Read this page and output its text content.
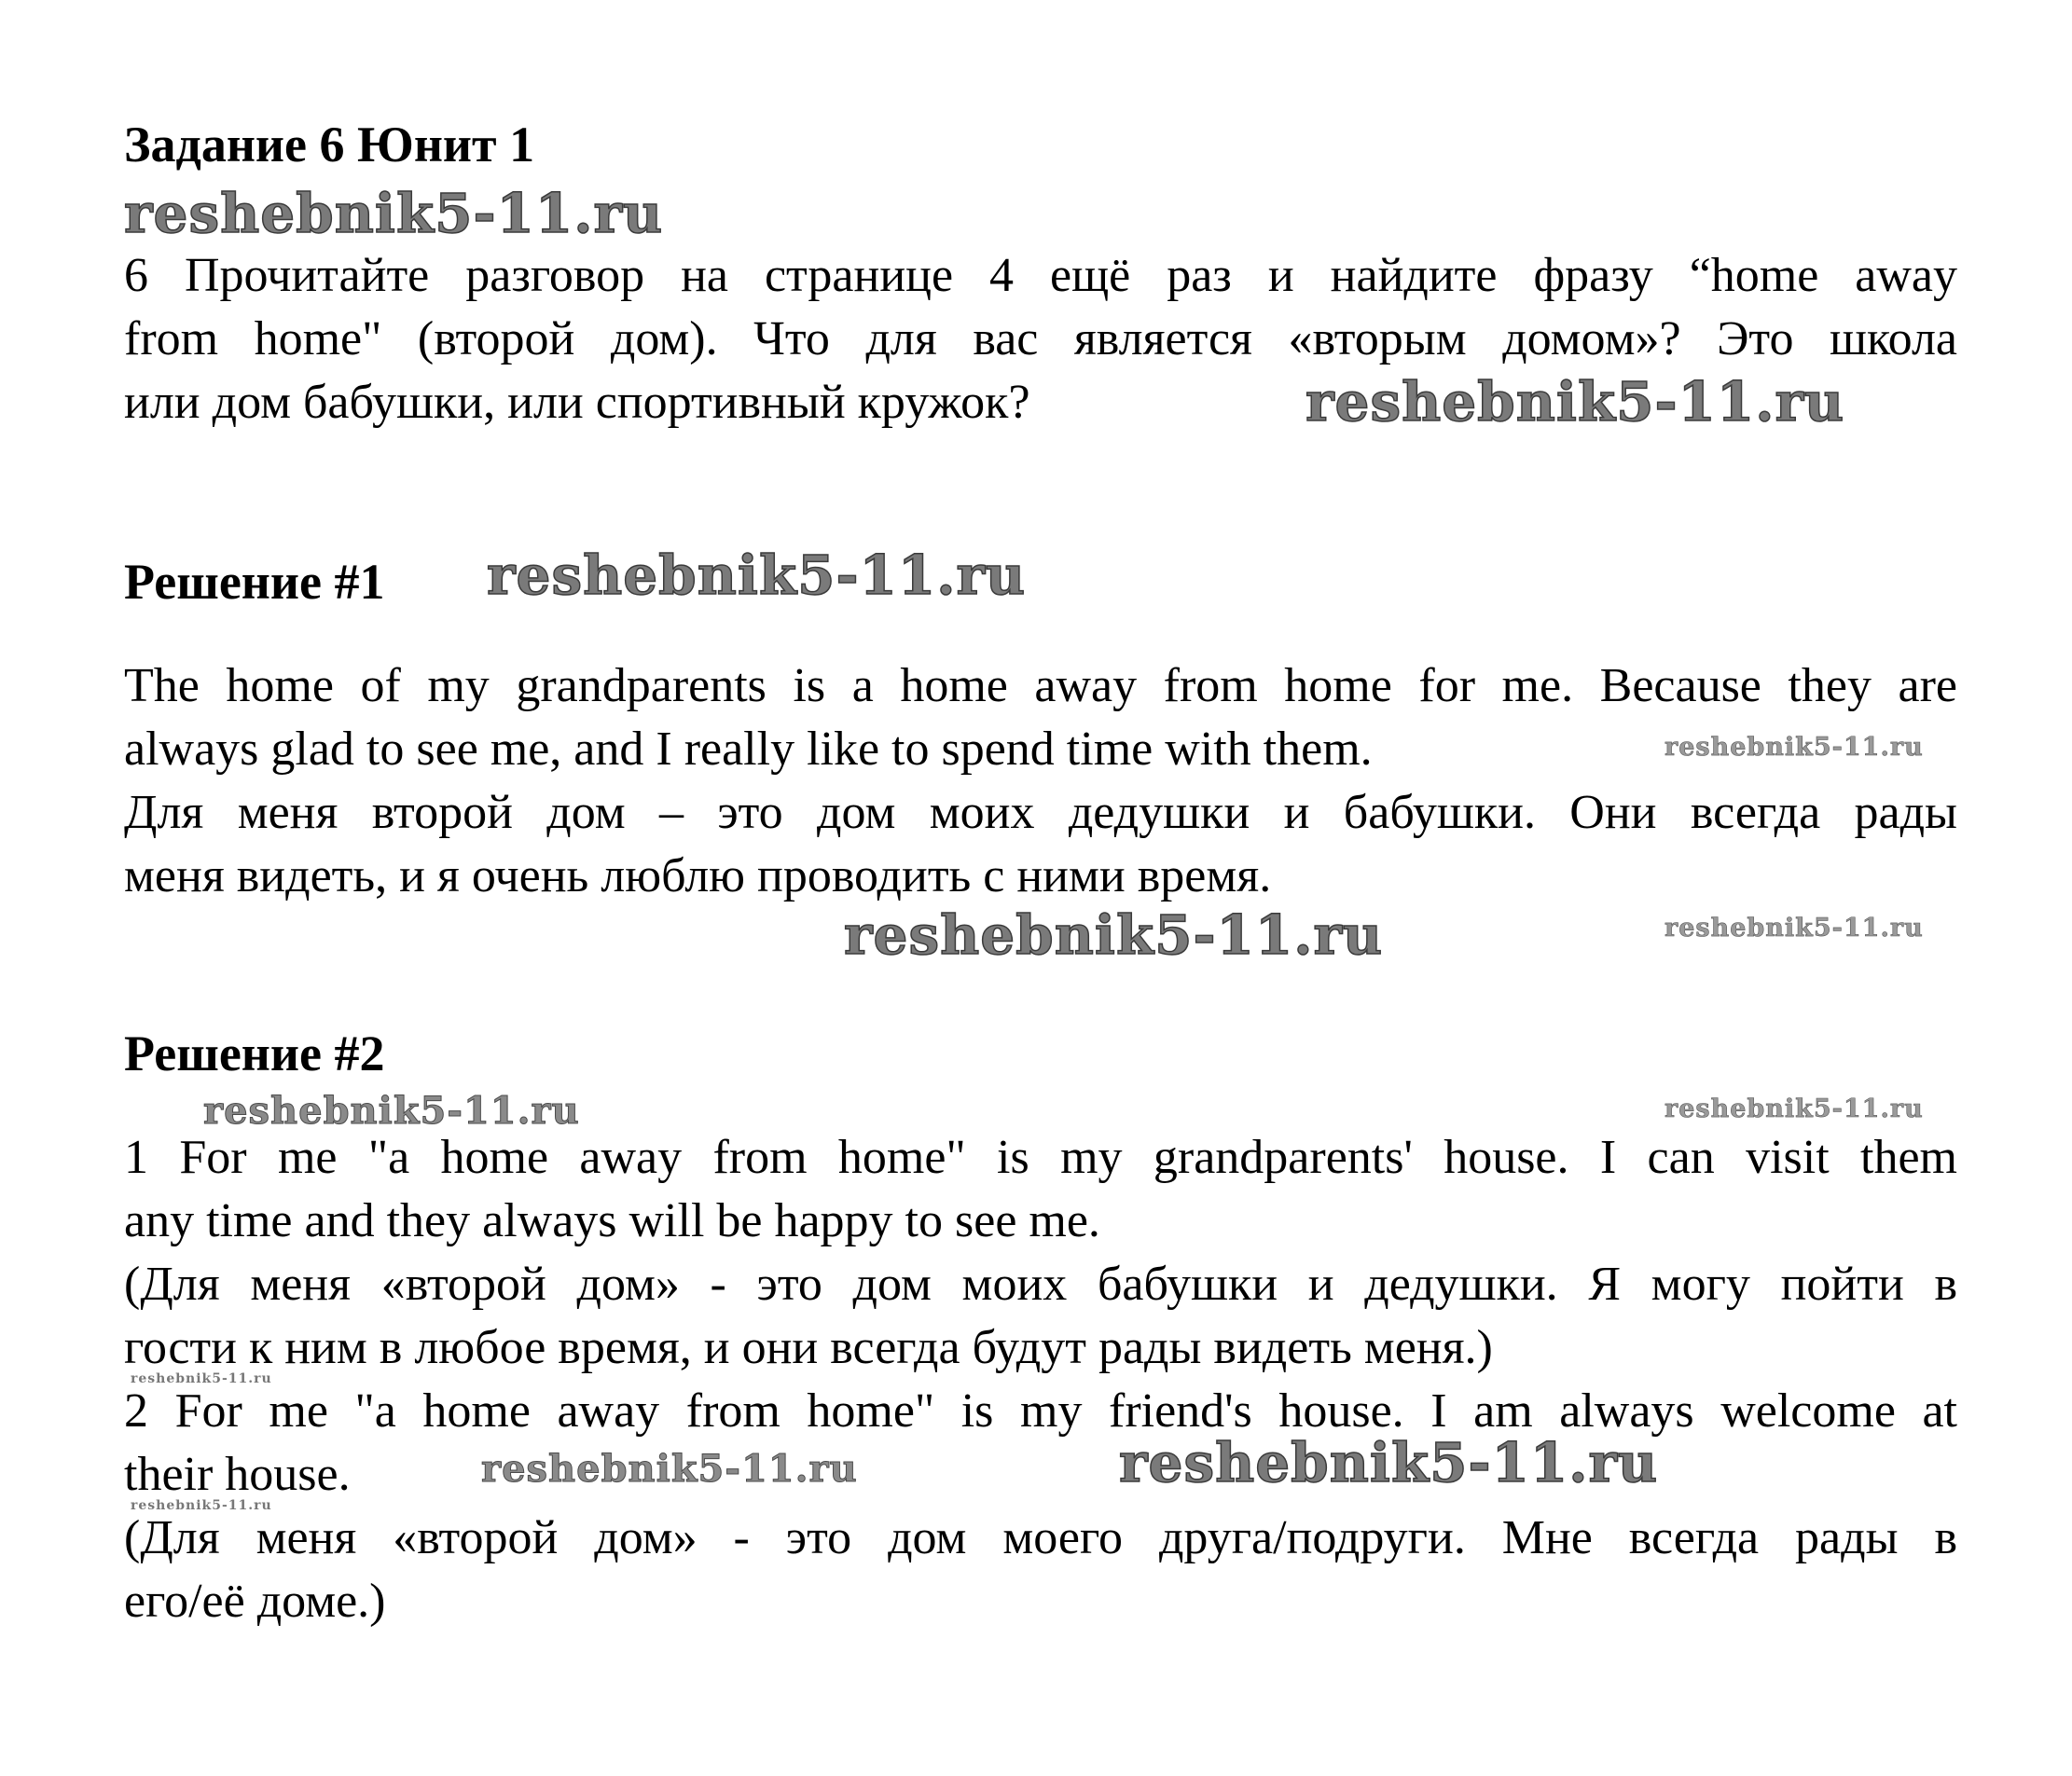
Задание 6 Юнит 1
reshebnik5-11.ru
6 Прочитайте разговор на странице 4 ещё раз и найдите фразу “home away
from home" (второй дом). Что для вас является «вторым домом»? Это школа
или дом бабушки, или спортивный кружок?	reshebnik5-11.ru
Решение #1 reshebnik5-11.ru
The home of my grandparents is a home away from home for me. Because they are
always glad to see me, and I really like to spend time with them.	reshebnik5-11.ru
Для меня второй дом – это дом моих дедушки и бабушки. Они всегда рады
меня видеть, и я очень люблю проводить с ними время.
reshebnik5-11.ru	reshebnik5-11.ru
Решение #2
reshebnik5-11.ru	reshebnik5-11.ru
1 For me "a home away from home" is my grandparents' house. I can visit them
any time and they always will be happy to see me.
(Для меня «второй дом» - это дом моих бабушки и дедушки. Я могу пойти в
гости к ним в любое время, и они всегда будут рады видеть меня.)
reshebnik5-11.ru
2 For me "a home away from home" is my friend's house. I am always welcome at
their house.	reshebnik5-11.ru	reshebnik5-11.ru
reshebnik5-11.ru
(Для меня «второй дом» - это дом моего друга/подруги. Мне всегда рады в
его/её доме.)
